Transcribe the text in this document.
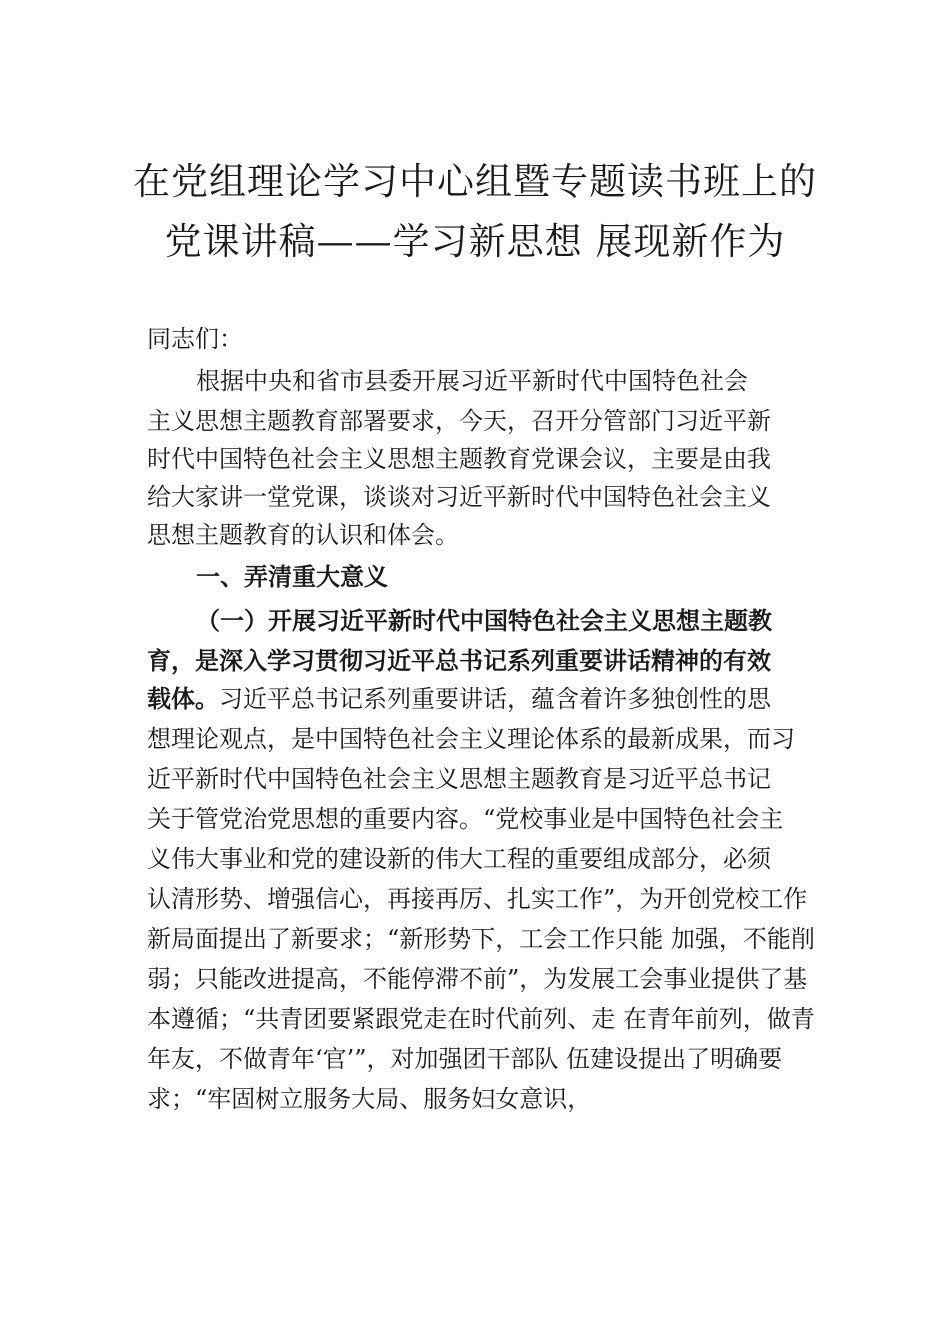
在党组理论学习中心组暨专题读书班上的
党课讲稿——学习新思想 展现新作为
同志们：
根据中央和省市县委开展习近平新时代中国特色社会
主义思想主题教育部署要求，今天，召开分管部门习近平新
时代中国特色社会主义思想主题教育党课会议，主要是由我
给大家讲一堂党课，谈谈对习近平新时代中国特色社会主义
思想主题教育的认识和体会。
一、弄清重大意义
（一）开展习近平新时代中国特色社会主义思想主题教
育，是深入学习贯彻习近平总书记系列重要讲话精神的有效
载体。习近平总书记系列重要讲话，蕴含着许多独创性的思
想理论观点，是中国特色社会主义理论体系的最新成果，而习
近平新时代中国特色社会主义思想主题教育是习近平总书记
关于管党治党思想的重要内容。“党校事业是中国特色社会主
义伟大事业和党的建设新的伟大工程的重要组成部分，必须
认清形势、增强信心，再接再厉、扎实工作”，为开创党校工作
新局面提出了新要求；“新形势下，工会工作只能 加强，不能削
弱；只能改进提高，不能停滞不前”，为发展工会事业提供了基
本遵循；“共青团要紧跟党走在时代前列、走 在青年前列，做青
年友，不做青年‘官’”，对加强团干部队 伍建设提出了明确要
求；“牢固树立服务大局、服务妇女意识，
